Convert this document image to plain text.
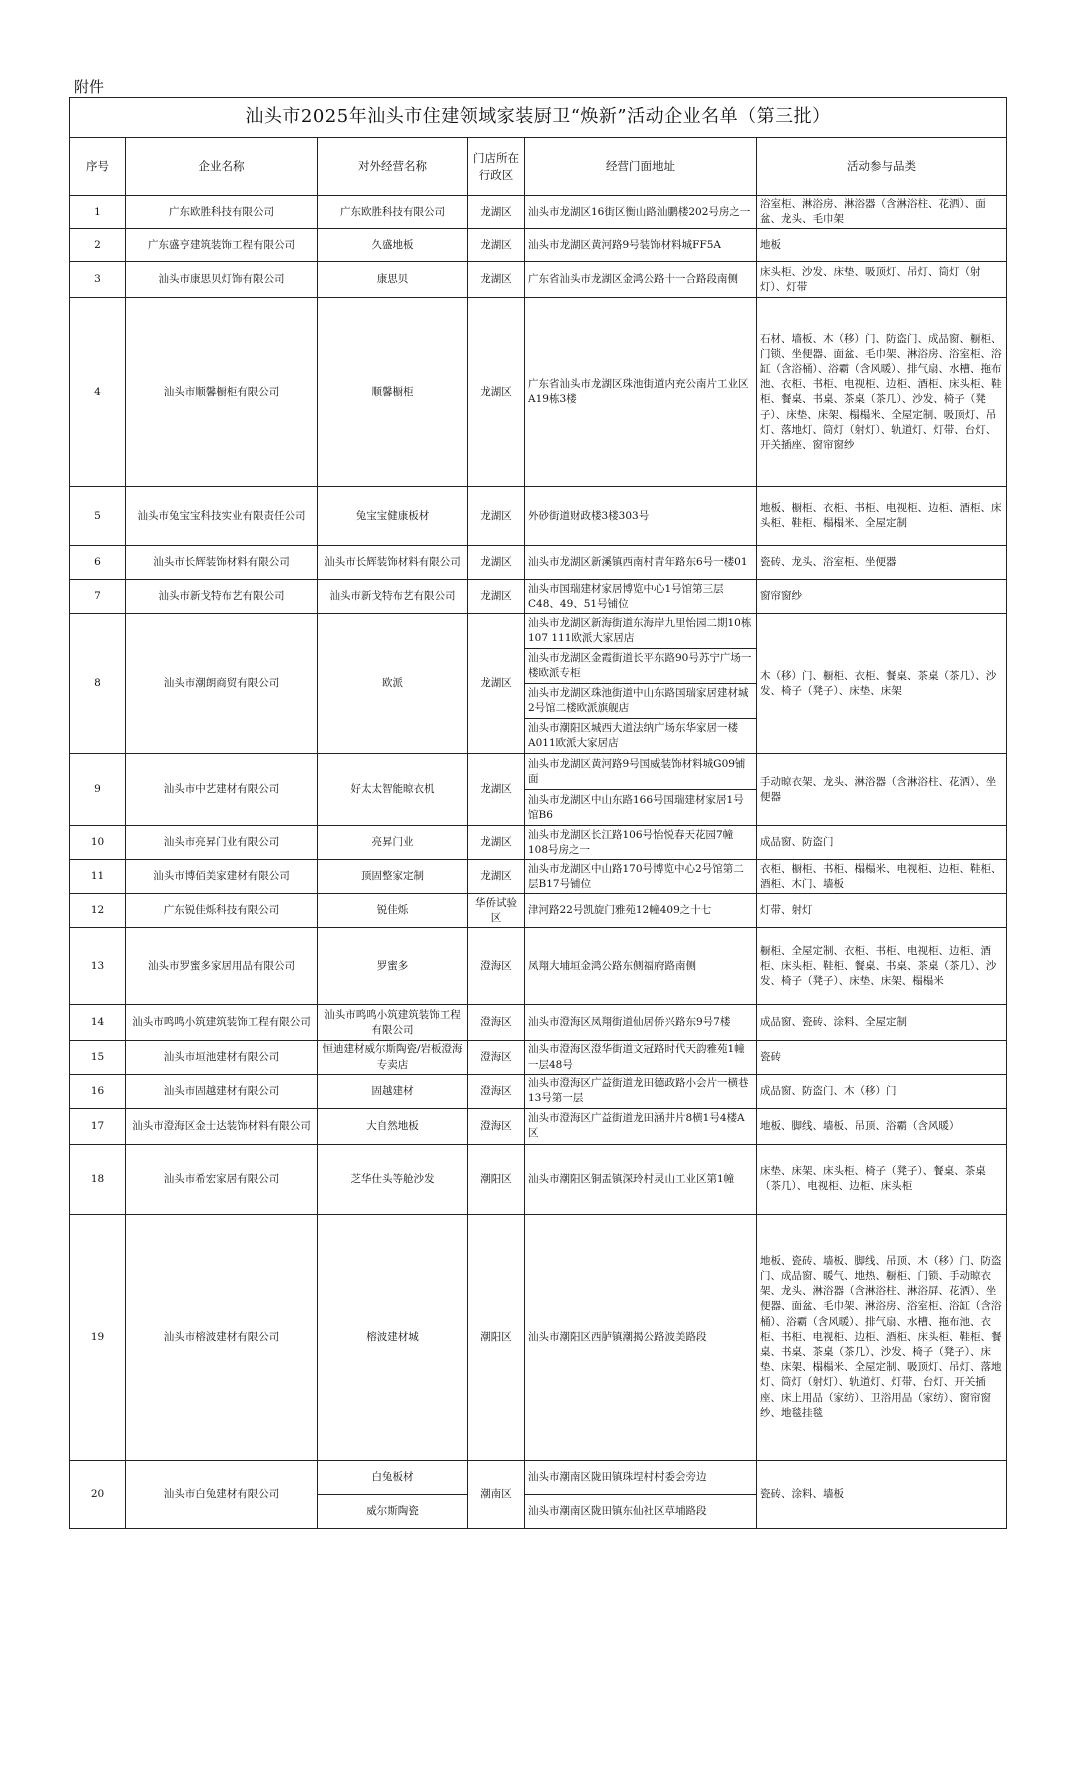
附件
汕头市2025年汕头市住建领域家装厨卫“焕新”活动企业名单（第三批）					
序号	企业名称	对外经营名称	门店所在行政区	经营门面地址	活动参与品类
1	广东欧胜科技有限公司	广东欧胜科技有限公司	龙湖区	汕头市龙湖区16街区衡山路汕鹏楼202号房之一	浴室柜、淋浴房、淋浴器（含淋浴柱、花洒）、面盆、龙头、毛巾架
2	广东盛亨建筑装饰工程有限公司	久盛地板	龙湖区	汕头市龙湖区黄河路9号装饰材料城FF5A	地板
3	汕头市康思贝灯饰有限公司	康思贝	龙湖区	广东省汕头市龙湖区金鸿公路十一合路段南侧	床头柜、沙发、床垫、吸顶灯、吊灯、筒灯（射灯）、灯带
4	汕头市顺馨橱柜有限公司	顺馨橱柜	龙湖区	广东省汕头市龙湖区珠池街道内充公南片工业区A19栋3楼	石材、墙板、木（移）门、防盗门、成品窗、橱柜、门锁、坐便器、面盆、毛巾架、淋浴房、浴室柜、浴缸（含浴桶）、浴霸（含风暖）、排气扇、水槽、拖布池、衣柜、书柜、电视柜、边柜、酒柜、床头柜、鞋柜、餐桌、书桌、茶桌（茶几）、沙发、椅子（凳子）、床垫、床架、榻榻米、全屋定制、吸顶灯、吊灯、落地灯、筒灯（射灯）、轨道灯、灯带、台灯、开关插座、窗帘窗纱
5	汕头市兔宝宝科技实业有限责任公司	兔宝宝健康板材	龙湖区	外砂街道财政楼3楼303号	地板、橱柜、衣柜、书柜、电视柜、边柜、酒柜、床头柜、鞋柜、榻榻米、全屋定制
6	汕头市长辉装饰材料有限公司	汕头市长辉装饰材料有限公司	龙湖区	汕头市龙湖区新溪镇西南村青年路东6号一楼01	瓷砖、龙头、浴室柜、坐便器
7	汕头市新戈特布艺有限公司	汕头市新戈特布艺有限公司	龙湖区	汕头市国瑞建材家居博览中心1号馆第三层C48、49、51号铺位	窗帘窗纱
8	汕头市潮朗商贸有限公司	欧派	龙湖区	汕头市龙湖区新海街道东海岸九里怡园二期10栋107 111欧派大家居店	木（移）门、橱柜、衣柜、餐桌、茶桌（茶几）、沙发、椅子（凳子）、床垫、床架
				汕头市龙湖区金霞街道长平东路90号苏宁广场一楼欧派专柜	
				汕头市龙湖区珠池街道中山东路国瑞家居建材城2号馆二楼欧派旗舰店	
				汕头市潮阳区城西大道法纳广场东华家居一楼A011欧派大家居店	
9	汕头市中艺建材有限公司	好太太智能晾衣机	龙湖区	汕头市龙湖区黄河路9号国威装饰材料城G09铺面	手动晾衣架、龙头、淋浴器（含淋浴柱、花洒）、坐便器
				汕头市龙湖区中山东路166号国瑞建材家居1号馆B6	
10	汕头市亮昇门业有限公司	亮昇门业	龙湖区	汕头市龙湖区长江路106号怡悦春天花园7幢108号房之一	成品窗、防盗门
11	汕头市博佰美家建材有限公司	顶固整家定制	龙湖区	汕头市龙湖区中山路170号博览中心2号馆第二层B17号铺位	衣柜、橱柜、书柜、榻榻米、电视柜、边柜、鞋柜、酒柜、木门、墙板
12	广东锐佳烁科技有限公司	锐佳烁	华侨试验区	津河路22号凯旋门雅苑12幢409之十七	灯带、射灯
13	汕头市罗蜜多家居用品有限公司	罗蜜多	澄海区	凤翔大埔垣金鸿公路东侧福府路南侧	橱柜、全屋定制、衣柜、书柜、电视柜、边柜、酒柜、床头柜、鞋柜、餐桌、书桌、茶桌（茶几）、沙发、椅子（凳子）、床垫、床架、榻榻米
14	汕头市鸣鸣小筑建筑装饰工程有限公司	汕头市鸣鸣小筑建筑装饰工程有限公司	澄海区	汕头市澄海区凤翔街道仙居侨兴路东9号7楼	成品窗、瓷砖、涂料、全屋定制
15	汕头市垣池建材有限公司	恒迪建材威尔斯陶瓷/岩板澄海专卖店	澄海区	汕头市澄海区澄华街道文冠路时代天韵雅苑1幢一层48号	瓷砖
16	汕头市固越建材有限公司	固越建材	澄海区	汕头市澄海区广益街道龙田德政路小会片一横巷13号第一层	成品窗、防盗门、木（移）门
17	汕头市澄海区金士达装饰材料有限公司	大自然地板	澄海区	汕头市澄海区广益街道龙田涵井片8横1号4楼A区	地板、脚线、墙板、吊顶、浴霸（含风暖）
18	汕头市希宏家居有限公司	芝华仕头等舱沙发	潮阳区	汕头市潮阳区铜盂镇深玲村灵山工业区第1幢	床垫、床架、床头柜、椅子（凳子）、餐桌、茶桌（茶几）、电视柜、边柜、床头柜
19	汕头市榕波建材有限公司	榕波建材城	潮阳区	汕头市潮阳区西胪镇潮揭公路波美路段	地板、瓷砖、墙板、脚线、吊顶、木（移）门、防盗门、成品窗、暖气、地热、橱柜、门锁、手动晾衣架、龙头、淋浴器（含淋浴柱、淋浴屏、花洒）、坐便器、面盆、毛巾架、淋浴房、浴室柜、浴缸（含浴桶）、浴霸（含风暖）、排气扇、水槽、拖布池、衣柜、书柜、电视柜、边柜、酒柜、床头柜、鞋柜、餐桌、书桌、茶桌（茶几）、沙发、椅子（凳子）、床垫、床架、榻榻米、全屋定制、吸顶灯、吊灯、落地灯、筒灯（射灯）、轨道灯、灯带、台灯、开关插座、床上用品（家纺）、卫浴用品（家纺）、窗帘窗纱、地毯挂毯
20	汕头市白兔建材有限公司	白兔板材	潮南区	汕头市潮南区陇田镇珠埕村村委会旁边	瓷砖、涂料、墙板
		威尔斯陶瓷		汕头市潮南区陇田镇东仙社区草埔路段	
